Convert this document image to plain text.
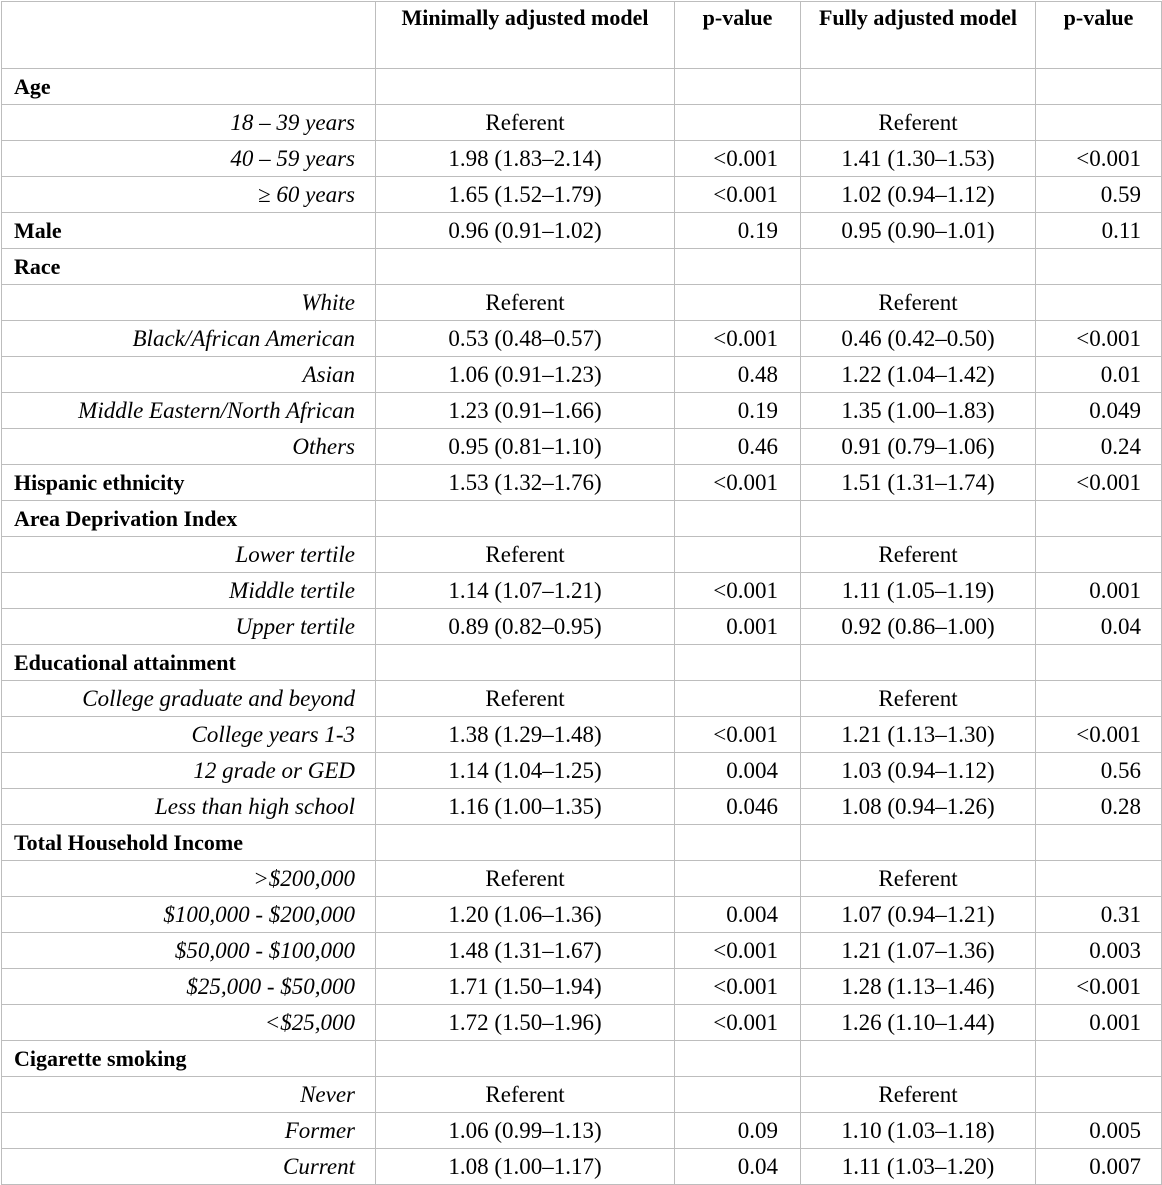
	Minimally adjusted model	p-value	Fully adjusted model	p-value
Age				
18 – 39 years	Referent		Referent	
40 – 59 years	1.98 (1.83–2.14)	<0.001	1.41 (1.30–1.53)	<0.001
≥ 60 years	1.65 (1.52–1.79)	<0.001	1.02 (0.94–1.12)	0.59
Male	0.96 (0.91–1.02)	0.19	0.95 (0.90–1.01)	0.11
Race				
White	Referent		Referent	
Black/African American	0.53 (0.48–0.57)	<0.001	0.46 (0.42–0.50)	<0.001
Asian	1.06 (0.91–1.23)	0.48	1.22 (1.04–1.42)	0.01
Middle Eastern/North African	1.23 (0.91–1.66)	0.19	1.35 (1.00–1.83)	0.049
Others	0.95 (0.81–1.10)	0.46	0.91 (0.79–1.06)	0.24
Hispanic ethnicity	1.53 (1.32–1.76)	<0.001	1.51 (1.31–1.74)	<0.001
Area Deprivation Index				
Lower tertile	Referent		Referent	
Middle tertile	1.14 (1.07–1.21)	<0.001	1.11 (1.05–1.19)	0.001
Upper tertile	0.89 (0.82–0.95)	0.001	0.92 (0.86–1.00)	0.04
Educational attainment				
College graduate and beyond	Referent		Referent	
College years 1-3	1.38 (1.29–1.48)	<0.001	1.21 (1.13–1.30)	<0.001
12 grade or GED	1.14 (1.04–1.25)	0.004	1.03 (0.94–1.12)	0.56
Less than high school	1.16 (1.00–1.35)	0.046	1.08 (0.94–1.26)	0.28
Total Household Income				
>$200,000	Referent		Referent	
$100,000 - $200,000	1.20 (1.06–1.36)	0.004	1.07 (0.94–1.21)	0.31
$50,000 - $100,000	1.48 (1.31–1.67)	<0.001	1.21 (1.07–1.36)	0.003
$25,000 - $50,000	1.71 (1.50–1.94)	<0.001	1.28 (1.13–1.46)	<0.001
<$25,000	1.72 (1.50–1.96)	<0.001	1.26 (1.10–1.44)	0.001
Cigarette smoking				
Never	Referent		Referent	
Former	1.06 (0.99–1.13)	0.09	1.10 (1.03–1.18)	0.005
Current	1.08 (1.00–1.17)	0.04	1.11 (1.03–1.20)	0.007
